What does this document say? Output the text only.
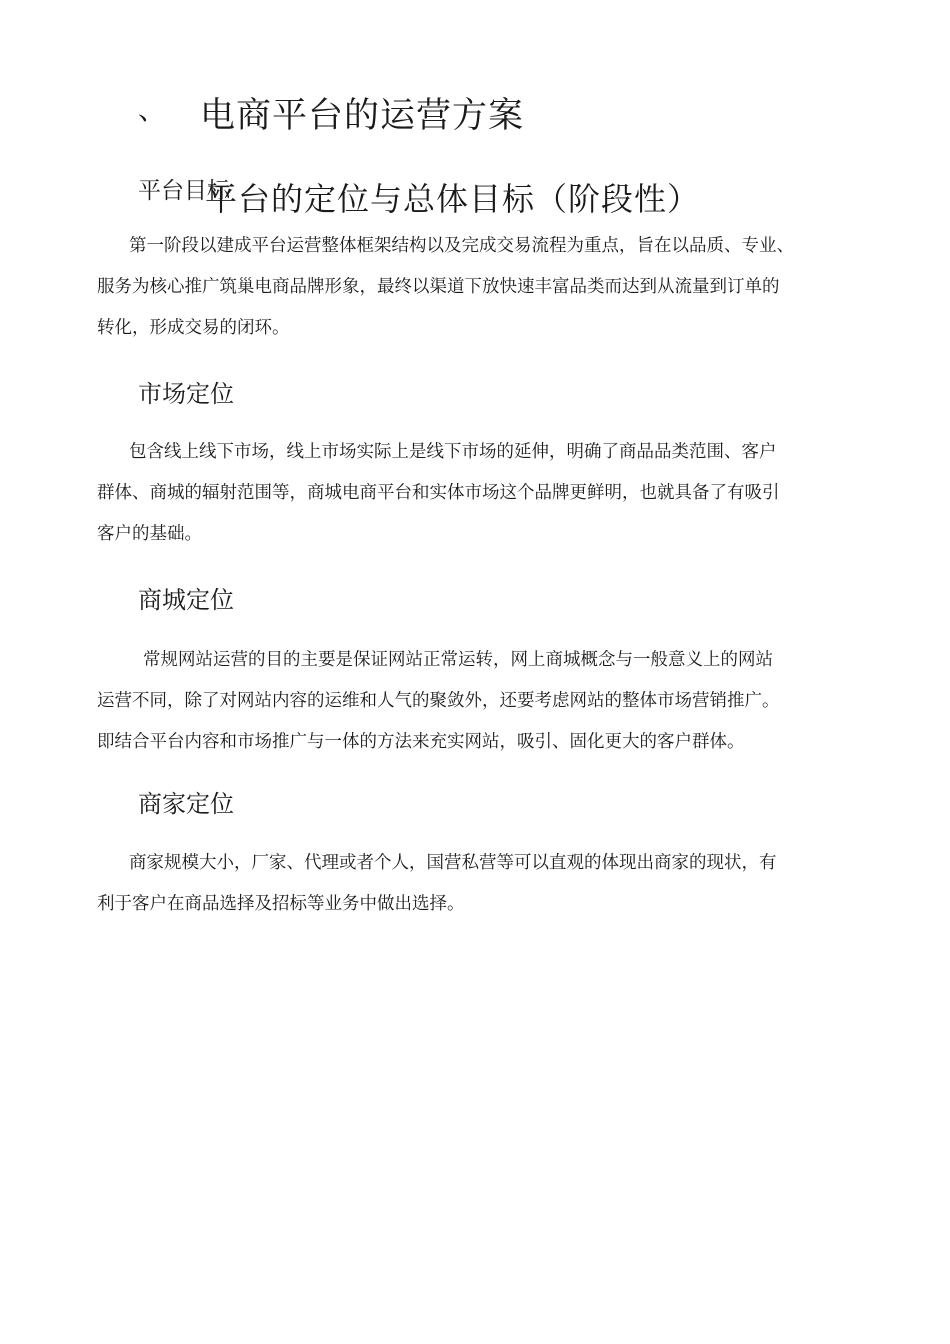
、 电商平台的运营方案
平台目标
平台的定位与总体目标（阶段性）
第一阶段以建成平台运营整体框架结构以及完成交易流程为重点，旨在以品质、专业、
服务为核心推广筑巢电商品牌形象，最终以渠道下放快速丰富品类而达到从流量到订单的
转化，形成交易的闭环。
市场定位
包含线上线下市场，线上市场实际上是线下市场的延伸，明确了商品品类范围、客户
群体、商城的辐射范围等，商城电商平台和实体市场这个品牌更鲜明，也就具备了有吸引
客户的基础。
商城定位
常规网站运营的目的主要是保证网站正常运转，网上商城概念与一般意义上的网站
运营不同，除了对网站内容的运维和人气的聚敛外，还要考虑网站的整体市场营销推广。
即结合平台内容和市场推广与一体的方法来充实网站，吸引、固化更大的客户群体。
商家定位
商家规模大小，厂家、代理或者个人，国营私营等可以直观的体现出商家的现状，有
利于客户在商品选择及招标等业务中做出选择。
